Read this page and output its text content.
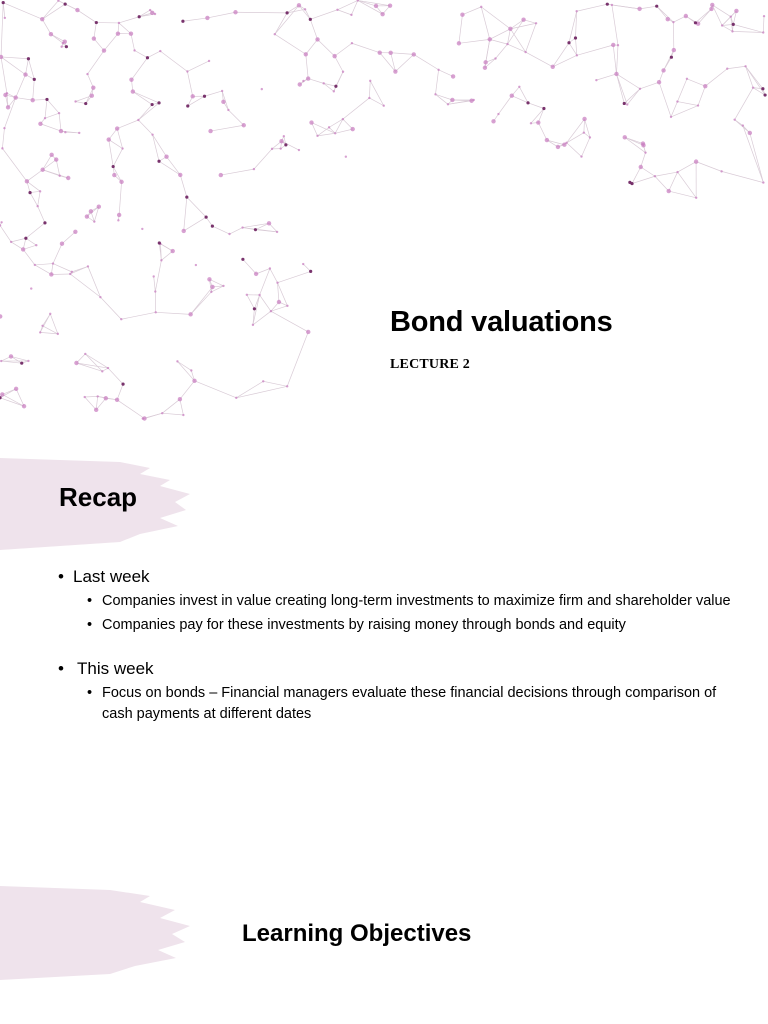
Bond valuations
LECTURE 2
Recap
• Last week
• Companies invest in value creating long-term investments to maximize firm and shareholder value
• Companies pay for these investments by raising money through bonds and equity
• This week
• Focus on bonds – Financial managers evaluate these financial decisions through comparison of cash payments at different dates
Learning Objectives
